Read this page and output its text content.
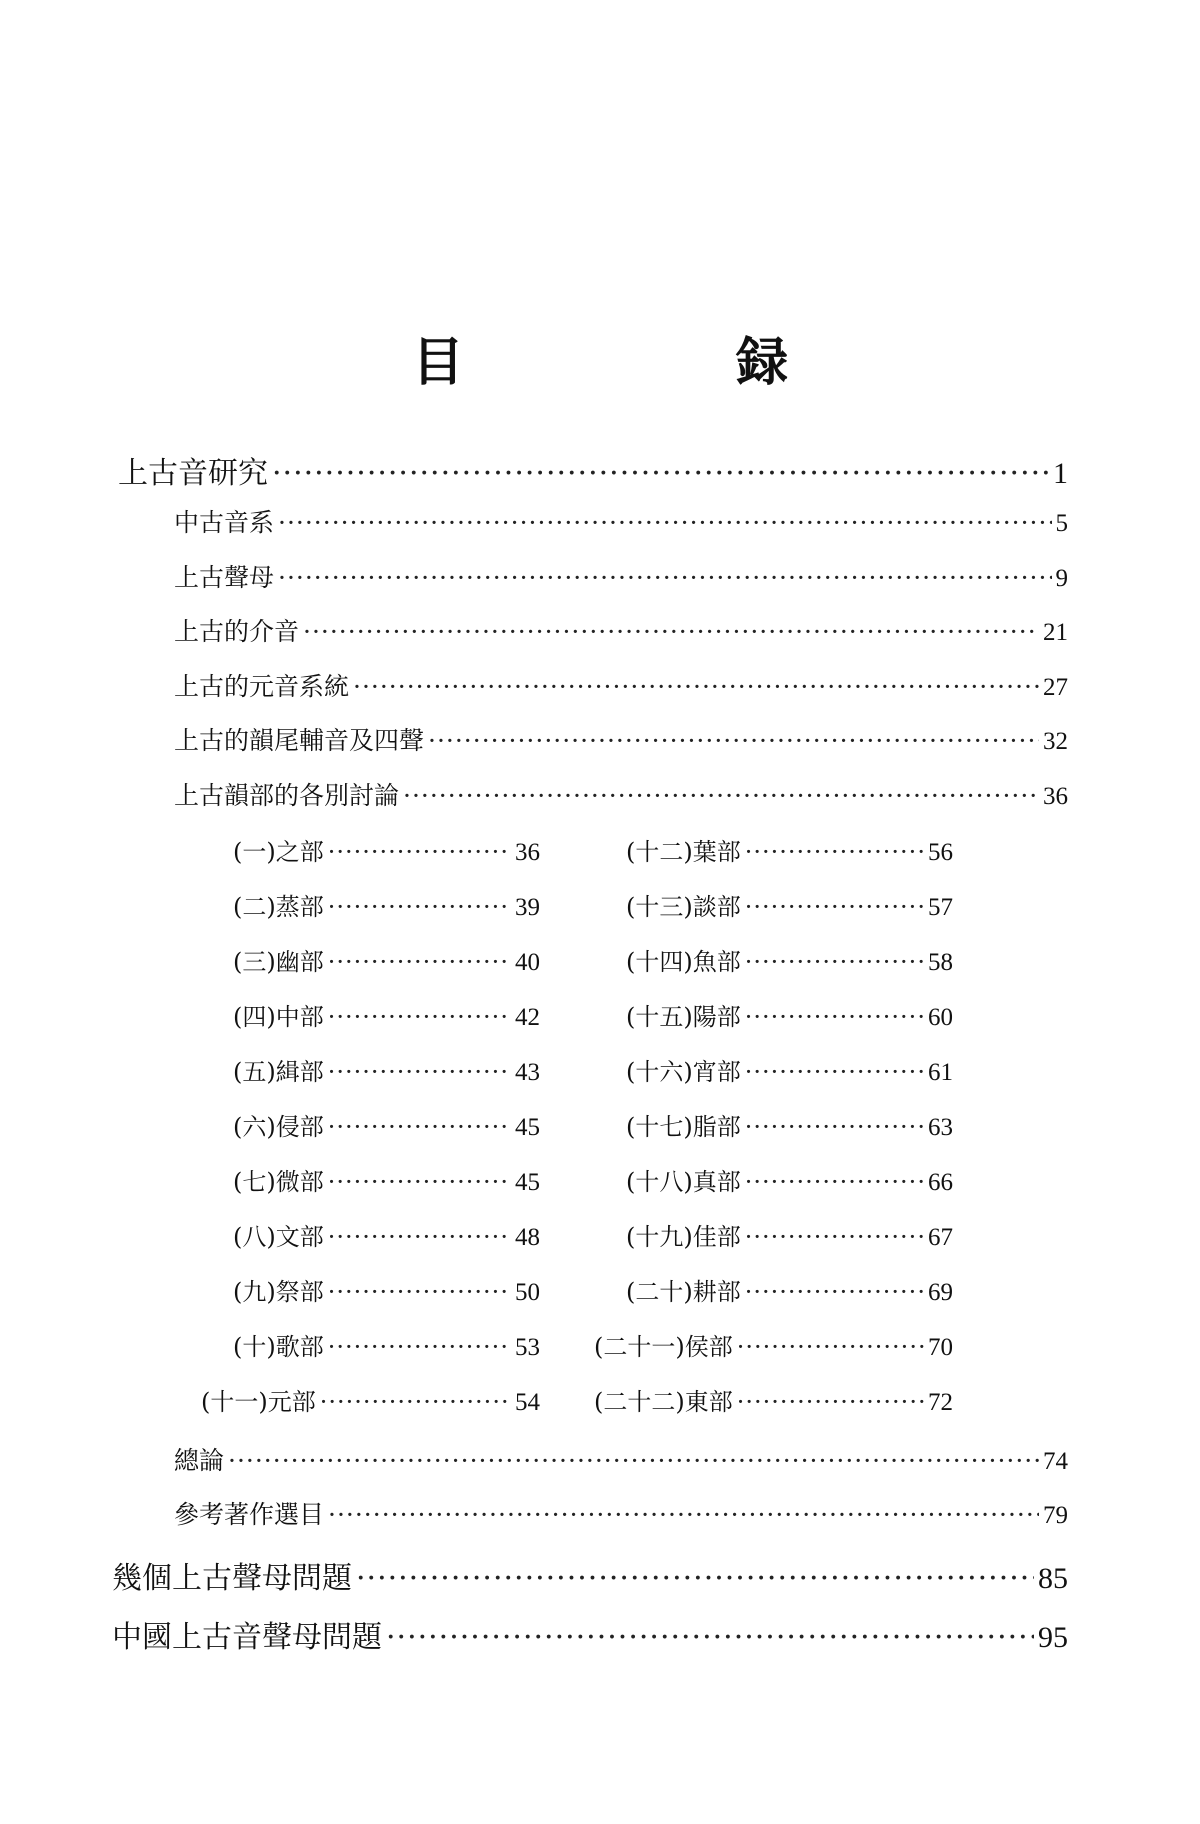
目　録
上古音研究 ·····	1
中古音系 ·····	5
上古聲母 ·····	9
上古的介音 ·····	21
上古的元音系統 ·····	27
上古的韻尾輔音及四聲 ·····	32
上古韻部的各別討論 ·····	36
(一)之部 ·····	36
(二)蒸部 ·····	39
(三)幽部 ·····	40
(四)中部 ·····	42
(五)緝部 ·····	43
(六)侵部 ·····	45
(七)微部 ·····	45
(八)文部 ·····	48
(九)祭部 ·····	50
(十)歌部 ·····	53
(十一)元部 ·····	54
(十二)葉部 ·····	56
(十三)談部 ·····	57
(十四)魚部 ·····	58
(十五)陽部 ·····	60
(十六)宵部 ·····	61
(十七)脂部 ·····	63
(十八)真部 ·····	66
(十九)佳部 ·····	67
(二十)耕部 ·····	69
(二十一)侯部 ·····	70
(二十二)東部 ·····	72
總論 ·····	74
參考著作選目 ·····	79
幾個上古聲母問題 ·····	85
中國上古音聲母問題 ·····	95
